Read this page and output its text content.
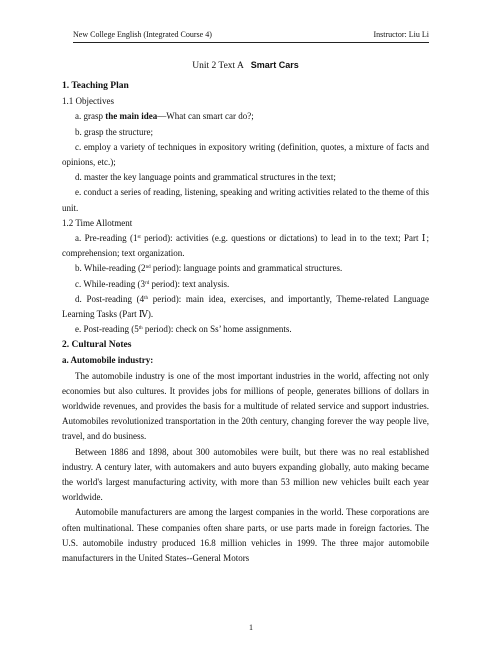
New College English (Integrated Course 4)	Instructor: Liu Li

Unit 2 Text A Smart Cars

1. Teaching Plan

1.1 Objectives

a. grasp the main idea—What can smart car do?;

b. grasp the structure;

c. employ a variety of techniques in expository writing (definition, quotes, a mixture of facts and opinions, etc.);

d. master the key language points and grammatical structures in the text;

e. conduct a series of reading, listening, speaking and writing activities related to the theme of this unit.

1.2 Time Allotment

a. Pre-reading (1st period): activities (e.g. questions or dictations) to lead in to the text; Part Ⅰ; comprehension; text organization.

b. While-reading (2nd period): language points and grammatical structures.

c. While-reading (3rd period): text analysis.

d. Post-reading (4th period): main idea, exercises, and importantly, Theme-related Language Learning Tasks (Part Ⅳ).

e. Post-reading (5th period): check on Ss’ home assignments.

2. Cultural Notes

a. Automobile industry:

The automobile industry is one of the most important industries in the world, affecting not only economies but also cultures. It provides jobs for millions of people, generates billions of dollars in worldwide revenues, and provides the basis for a multitude of related service and support industries. Automobiles revolutionized transportation in the 20th century, changing forever the way people live, travel, and do business.

Between 1886 and 1898, about 300 automobiles were built, but there was no real established industry. A century later, with automakers and auto buyers expanding globally, auto making became the world's largest manufacturing activity, with more than 53 million new vehicles built each year worldwide.

Automobile manufacturers are among the largest companies in the world. These corporations are often multinational. These companies often share parts, or use parts made in foreign factories. The U.S. automobile industry produced 16.8 million vehicles in 1999. The three major automobile manufacturers in the United States--General Motors

1
